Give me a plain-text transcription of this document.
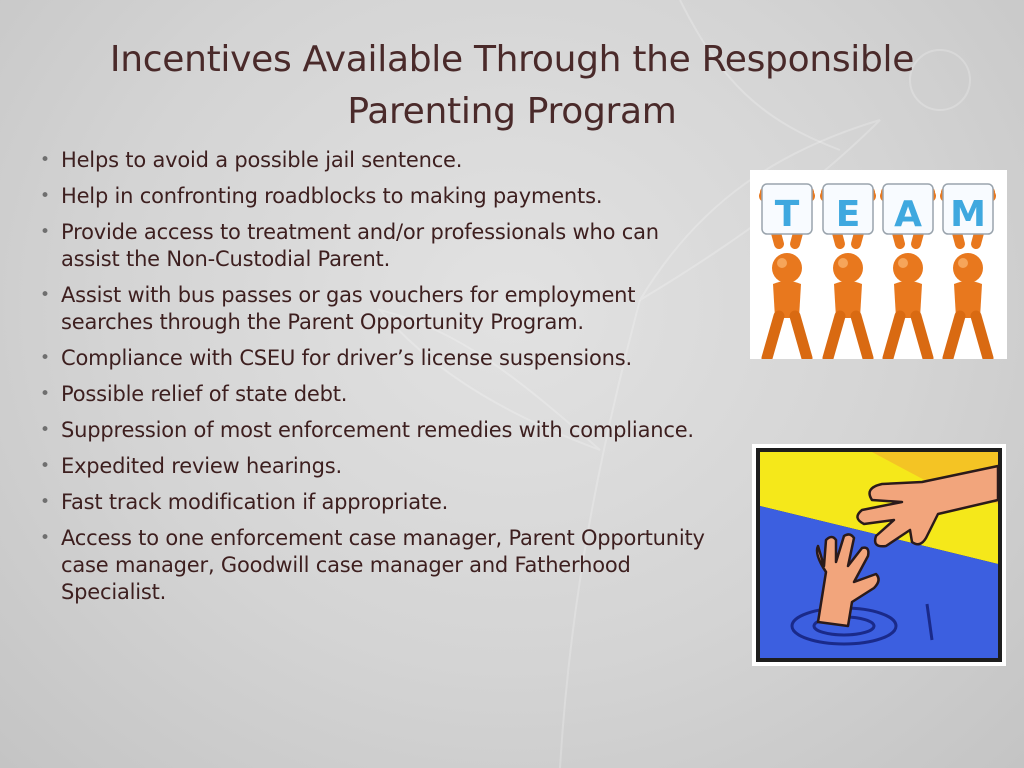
Incentives Available Through the Responsible Parenting Program
• Helps to avoid a possible jail sentence.
• Help in confronting roadblocks to making payments.
• Provide access to treatment and/or professionals who can assist the Non-Custodial Parent.
• Assist with bus passes or gas vouchers for employment searches through the Parent Opportunity Program.
• Compliance with CSEU for driver’s license suspensions.
• Possible relief of state debt.
• Suppression of most enforcement remedies with compliance.
• Expedited review hearings.
• Fast track modification if appropriate.
• Access to one enforcement case manager, Parent Opportunity case manager, Goodwill case manager and Fatherhood Specialist.
T E A M
